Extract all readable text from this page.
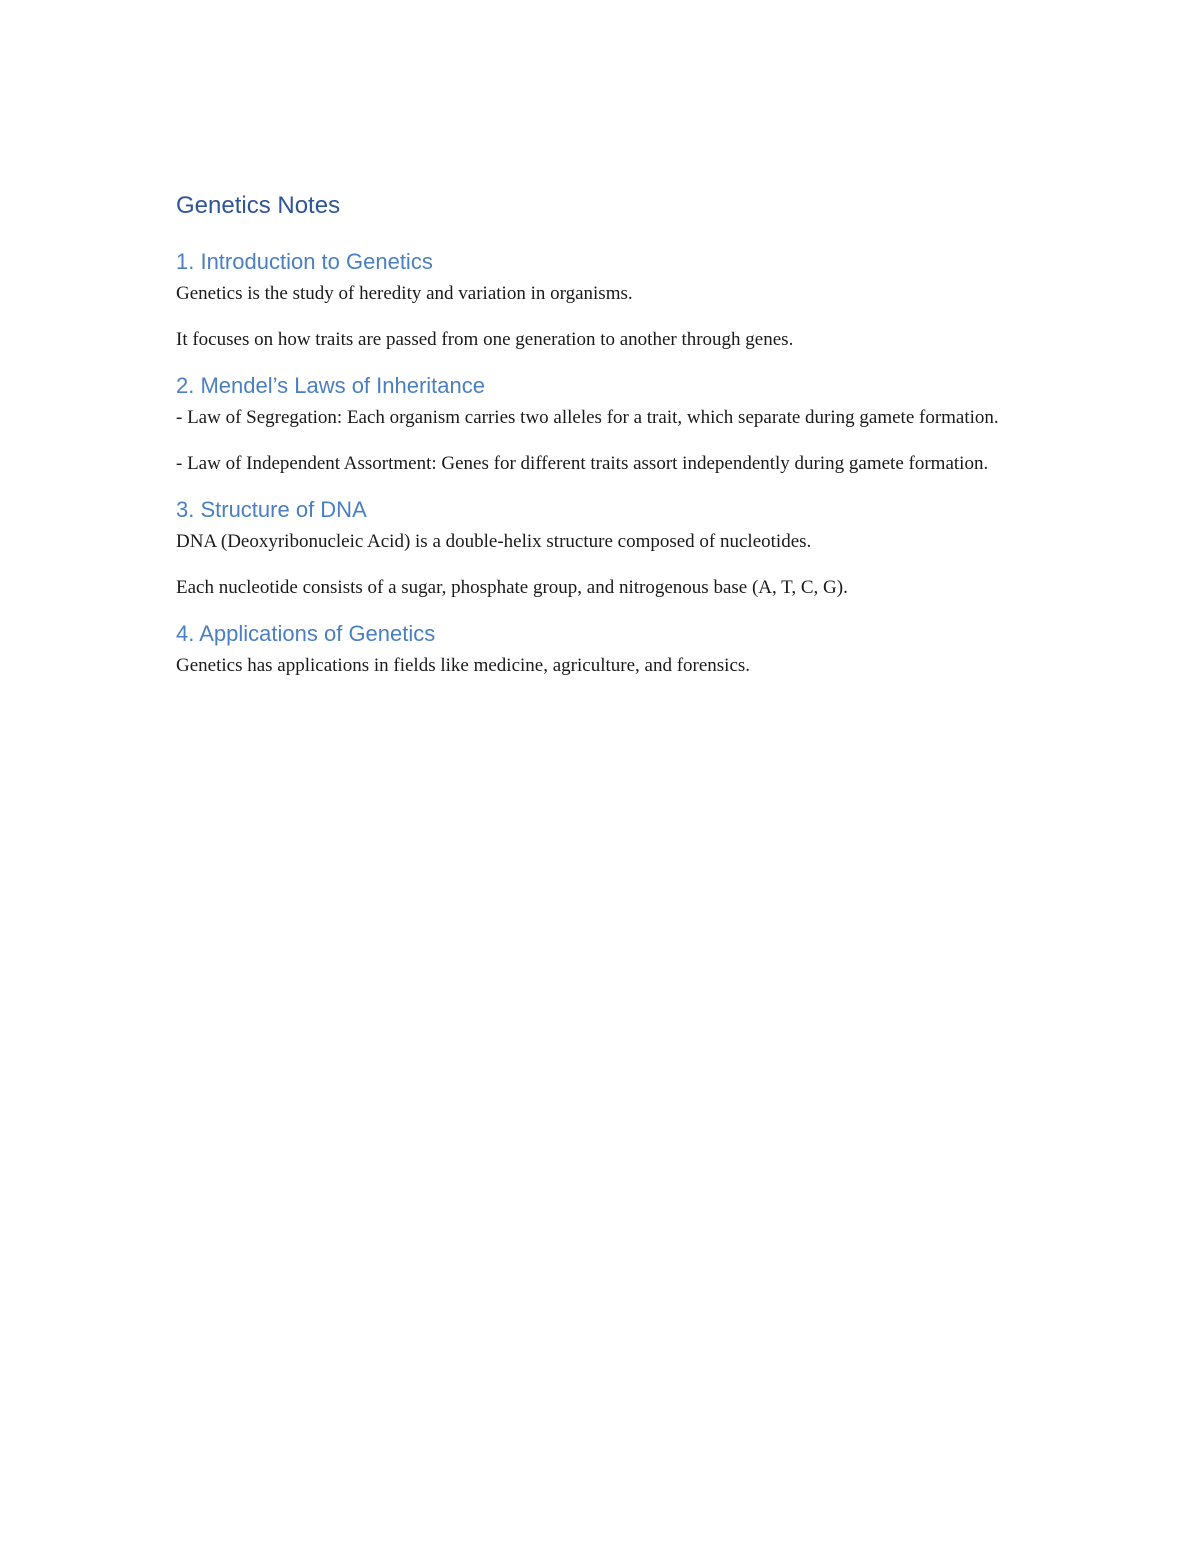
Genetics Notes
1. Introduction to Genetics

Genetics is the study of heredity and variation in organisms.

It focuses on how traits are passed from one generation to another through genes.

2. Mendel’s Laws of Inheritance

- Law of Segregation: Each organism carries two alleles for a trait, which separate during gamete formation.

- Law of Independent Assortment: Genes for different traits assort independently during gamete formation.

3. Structure of DNA

DNA (Deoxyribonucleic Acid) is a double-helix structure composed of nucleotides.

Each nucleotide consists of a sugar, phosphate group, and nitrogenous base (A, T, C, G).

4. Applications of Genetics

Genetics has applications in fields like medicine, agriculture, and forensics.
